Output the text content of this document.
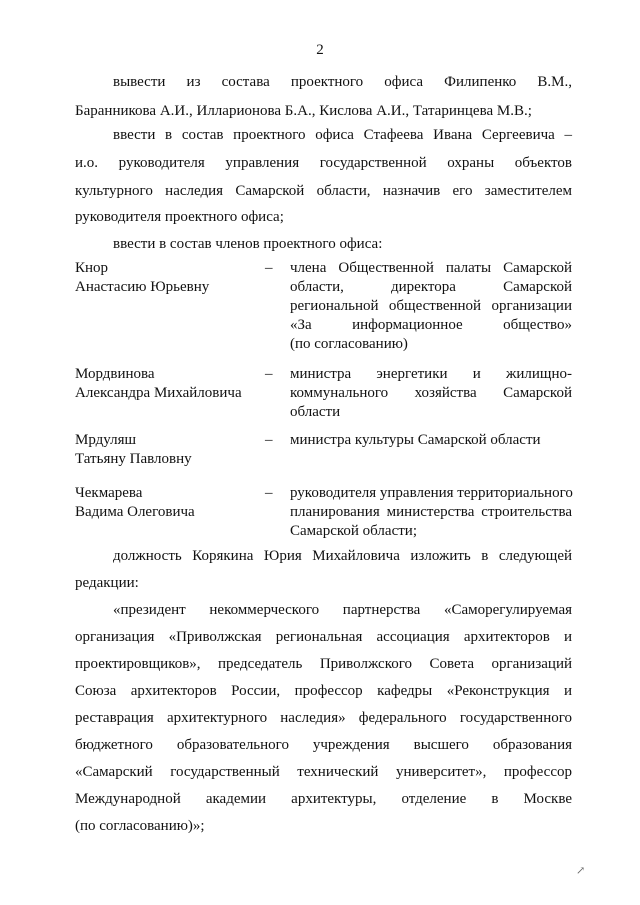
2
вывести из состава проектного офиса Филипенко В.М.,
Баранникова А.И., Илларионова Б.А., Кислова А.И., Татаринцева М.В.;
ввести в состав проектного офиса Стафеева Ивана Сергеевича –
и.о. руководителя управления государственной охраны объектов
культурного наследия Самарской области, назначив его заместителем
руководителя проектного офиса;
ввести в состав членов проектного офиса:
Кнор
Анастасию Юрьевну
– члена Общественной палаты Самарской
области, директора Самарской
региональной общественной организации
«За информационное общество»
(по согласованию)
Мордвинова
Александра Михайловича
– министра энергетики и жилищно-
коммунального хозяйства Самарской
области
Мрдуляш
Татьяну Павловну
– министра культуры Самарской области
Чекмарева
Вадима Олеговича
– руководителя управления территориального
планирования министерства строительства
Самарской области;
должность Корякина Юрия Михайловича изложить в следующей
редакции:
«президент некоммерческого партнерства «Саморегулируемая
организация «Приволжская региональная ассоциация архитекторов и
проектировщиков», председатель Приволжского Совета организаций
Союза архитекторов России, профессор кафедры «Реконструкция и
реставрация архитектурного наследия» федерального государственного
бюджетного образовательного учреждения высшего образования
«Самарский государственный технический университет», профессор
Международной академии архитектуры, отделение в Москве
(по согласованию)»;
↗
